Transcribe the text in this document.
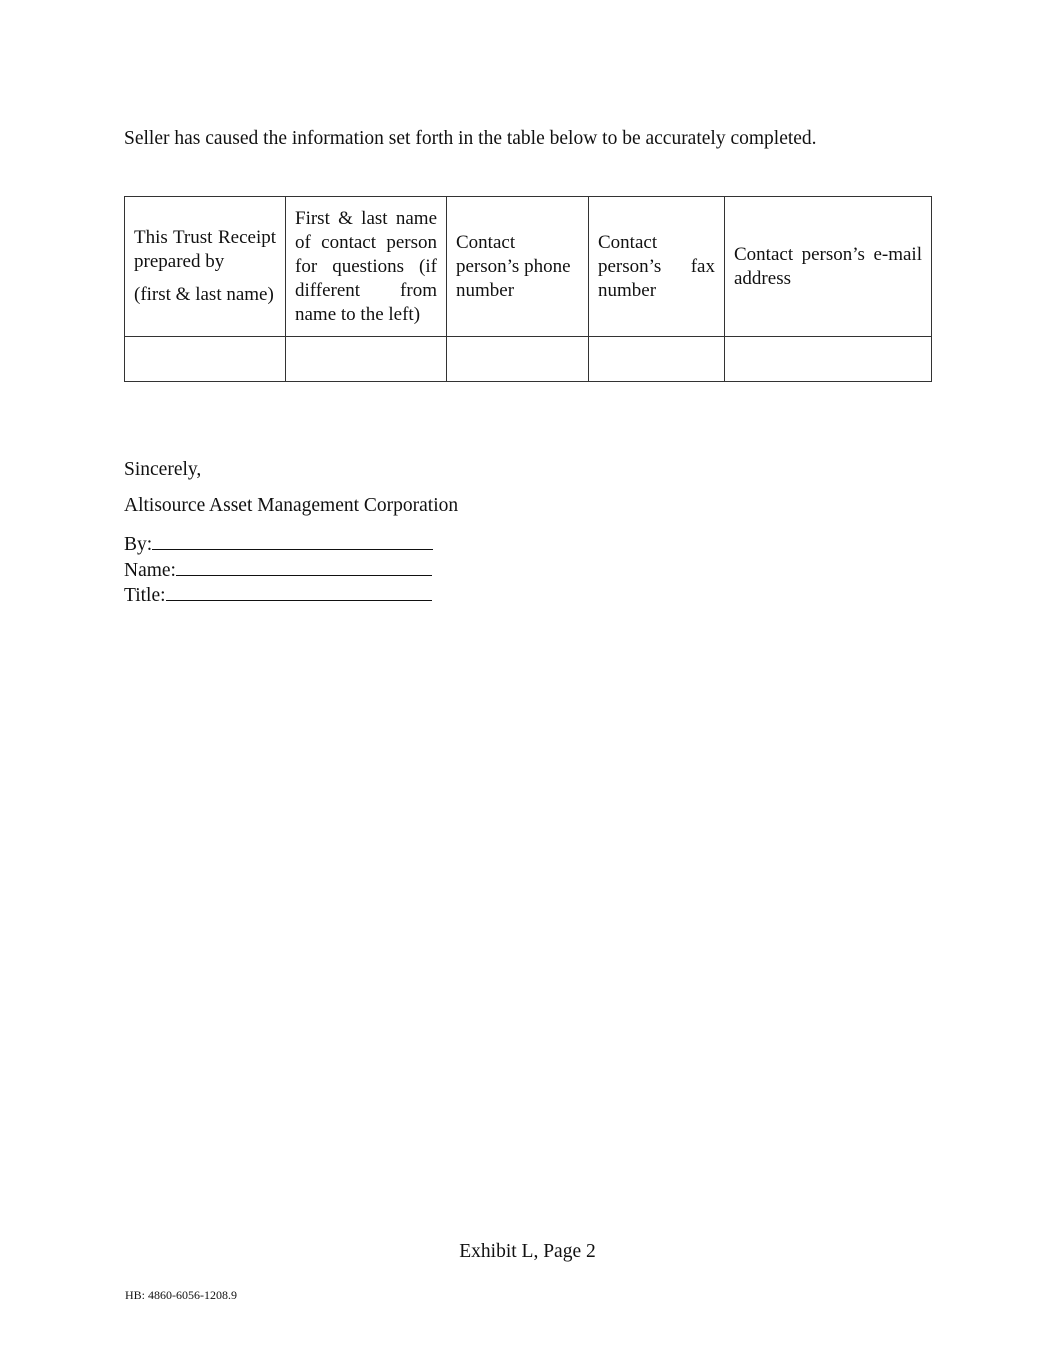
Seller has caused the information set forth in the table below to be accurately completed.
This Trust Receipt prepared by
(first & last name)	First & last name of contact person for questions (if different from name to the left)	Contact person’s phone number	Contact person’s fax number	Contact person’s e-mail address

Sincerely,
Altisource Asset Management Corporation
By:
Name:
Title:
Exhibit L, Page 2
HB: 4860-6056-1208.9
